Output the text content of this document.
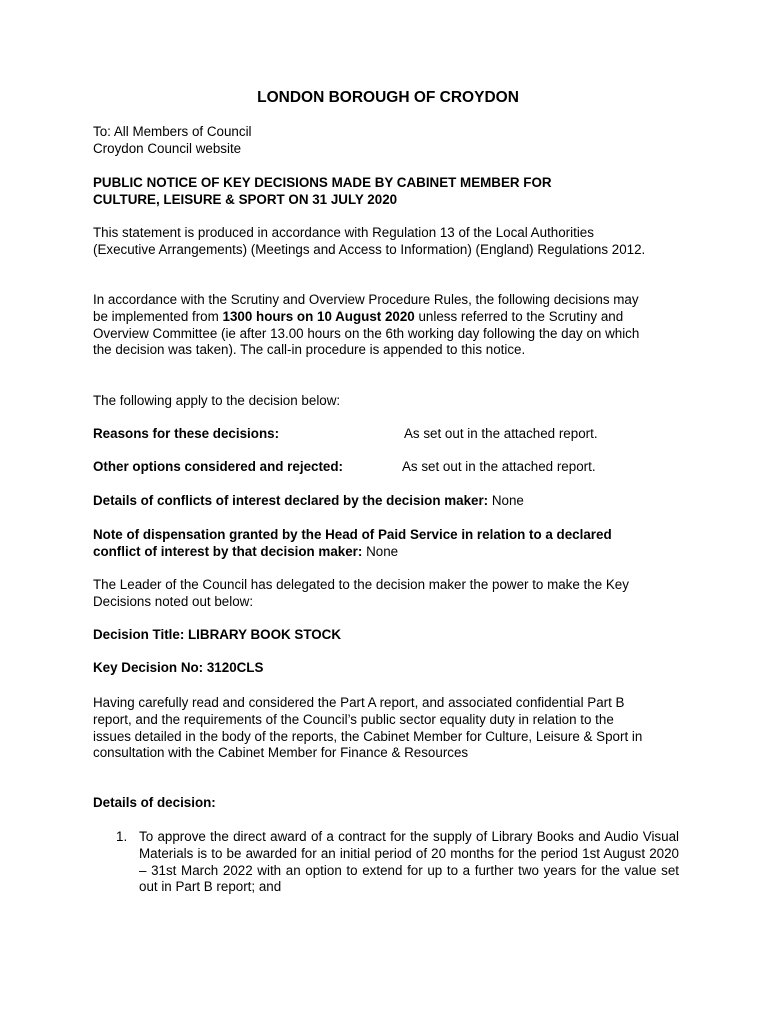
LONDON BOROUGH OF CROYDON

To: All Members of Council

Croydon Council website

PUBLIC NOTICE OF KEY DECISIONS MADE BY CABINET MEMBER FOR

CULTURE, LEISURE & SPORT ON 31 JULY 2020

This statement is produced in accordance with Regulation 13 of the Local Authorities (Executive Arrangements) (Meetings and Access to Information) (England) Regulations 2012.

In accordance with the Scrutiny and Overview Procedure Rules, the following decisions may be implemented from 1300 hours on 10 August 2020 unless referred to the Scrutiny and Overview Committee (ie after 13.00 hours on the 6th working day following the day on which the decision was taken). The call-in procedure is appended to this notice.

The following apply to the decision below:

Reasons for these decisions:	As set out in the attached report.
Other options considered and rejected:	As set out in the attached report.

Details of conflicts of interest declared by the decision maker: None

Note of dispensation granted by the Head of Paid Service in relation to a declared conflict of interest by that decision maker: None

The Leader of the Council has delegated to the decision maker the power to make the Key Decisions noted out below:

Decision Title: LIBRARY BOOK STOCK

Key Decision No: 3120CLS

Having carefully read and considered the Part A report, and associated confidential Part B report, and the requirements of the Council’s public sector equality duty in relation to the issues detailed in the body of the reports, the Cabinet Member for Culture, Leisure & Sport in consultation with the Cabinet Member for Finance & Resources

Details of decision:

1. To approve the direct award of a contract for the supply of Library Books and Audio Visual Materials is to be awarded for an initial period of 20 months for the period 1st August 2020 – 31st March 2022 with an option to extend for up to a further two years for the value set out in Part B report; and
